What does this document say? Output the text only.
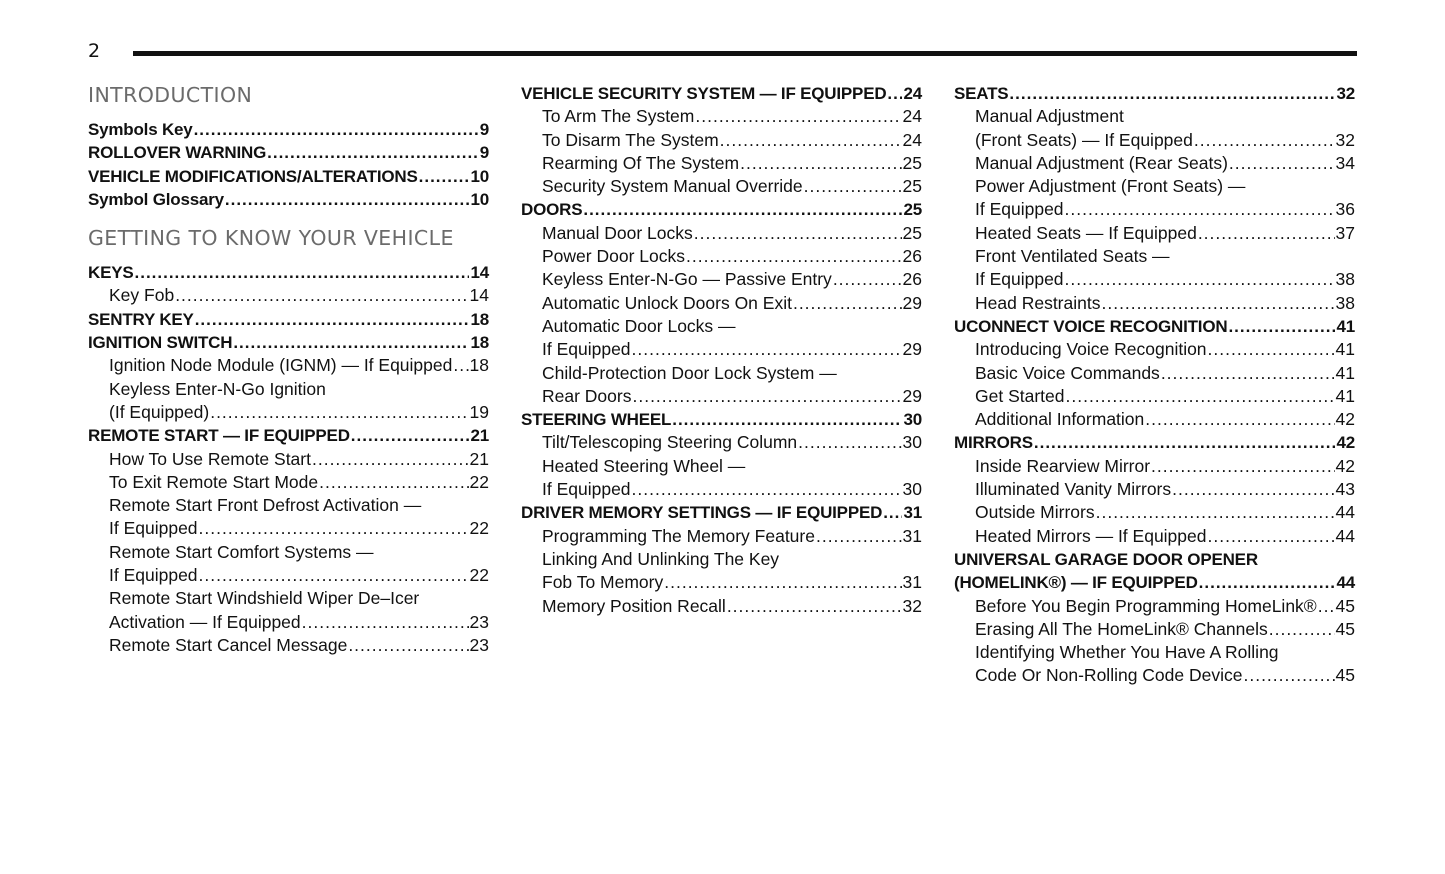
2
INTRODUCTION
Symbols Key .....	9
ROLLOVER WARNING .....	9
VEHICLE MODIFICATIONS/ALTERATIONS .....	10
Symbol Glossary .....	10
GETTING TO KNOW YOUR VEHICLE
KEYS .....	14
Key Fob .....	14
SENTRY KEY .....	18
IGNITION SWITCH .....	18
Ignition Node Module (IGNM) — If Equipped ..... 18
Keyless Enter-N-Go Ignition
(If Equipped) .....	19
REMOTE START — IF EQUIPPED .....	21
How To Use Remote Start .....	21
To Exit Remote Start Mode .....	22
Remote Start Front Defrost Activation —
If Equipped .....	22
Remote Start Comfort Systems —
If Equipped .....	22
Remote Start Windshield Wiper De–Icer
Activation — If Equipped .....	23
Remote Start Cancel Message .....	23
VEHICLE SECURITY SYSTEM — IF EQUIPPED ..... 24
To Arm The System .....	24
To Disarm The System .....	24
Rearming Of The System .....	25
Security System Manual Override .....	25
DOORS .....	25
Manual Door Locks .....	25
Power Door Locks .....	26
Keyless Enter-N-Go — Passive Entry .....	26
Automatic Unlock Doors On Exit .....	29
Automatic Door Locks —
If Equipped .....	29
Child-Protection Door Lock System —
Rear Doors .....	29
STEERING WHEEL .....	30
Tilt/Telescoping Steering Column .....	30
Heated Steering Wheel —
If Equipped .....	30
DRIVER MEMORY SETTINGS — IF EQUIPPED ..... 31
Programming The Memory Feature .....	31
Linking And Unlinking The Key
Fob To Memory .....	31
Memory Position Recall .....	32
SEATS .....	32
Manual Adjustment
(Front Seats) — If Equipped .....	32
Manual Adjustment (Rear Seats) .....	34
Power Adjustment (Front Seats) —
If Equipped .....	36
Heated Seats — If Equipped .....	37
Front Ventilated Seats —
If Equipped .....	38
Head Restraints .....	38
UCONNECT VOICE RECOGNITION .....	41
Introducing Voice Recognition .....	41
Basic Voice Commands .....	41
Get Started .....	41
Additional Information .....	42
MIRRORS .....	42
Inside Rearview Mirror .....	42
Illuminated Vanity Mirrors .....	43
Outside Mirrors .....	44
Heated Mirrors — If Equipped .....	44
UNIVERSAL GARAGE DOOR OPENER
(HOMELINK®) — IF EQUIPPED .....	44
Before You Begin Programming HomeLink® ..... 45
Erasing All The HomeLink® Channels .....	45
Identifying Whether You Have A Rolling
Code Or Non-Rolling Code Device .....	45
